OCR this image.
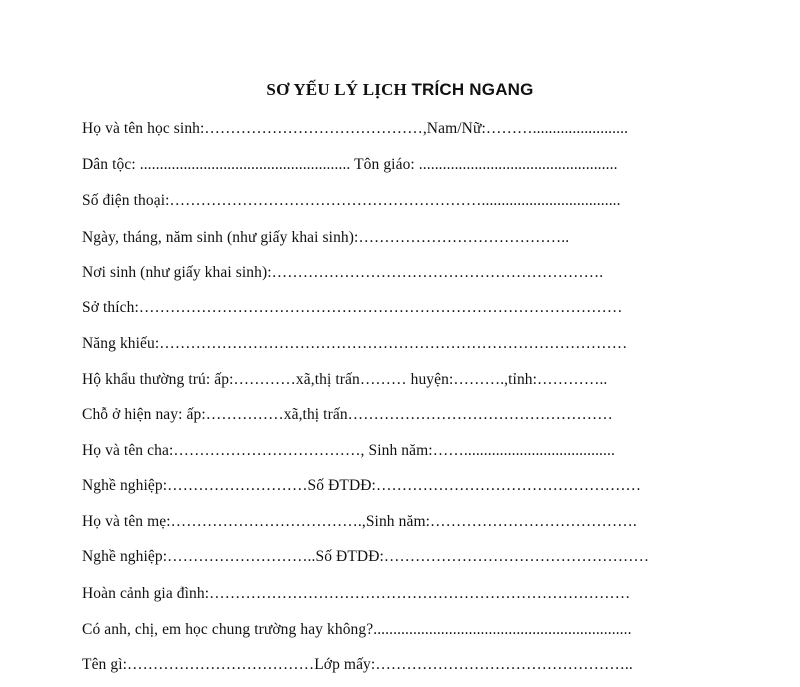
SƠ YẾU LÝ LỊCH TRÍCH NGANG
Họ và tên học sinh:……………………………………,Nam/Nữ:………........................
Dân tộc: ..................................................... Tôn giáo: ..................................................
Số điện thoại:……………………………………………………...................................
Ngày, tháng, năm sinh (như giấy khai sinh):…………………………………..
Nơi sinh (như giấy khai sinh):……………………………………………………….
Sở thích:…………………………………………………………………………………
Năng khiếu:………………………………………………………………………………
Hộ khẩu thường trú: ấp:…………xã,thị trấn……… huyện:……….,tỉnh:…………..
Chỗ ở hiện nay: ấp:……………xã,thị trấn……………………………………………
Họ và tên cha:………………………………, Sinh năm:……......................................
Nghề nghiệp:………………………Số ĐTDĐ:……………………………………………
Họ và tên mẹ:……………………………….,Sinh năm:………………………………….
Nghề nghiệp:………………………..Số ĐTDĐ:……………………………………………
Hoàn cảnh gia đình:………………………………………………………………………
Có anh, chị, em học chung trường hay không?.................................................................
Tên gì:………………………………Lớp mấy:…………………………………………..
